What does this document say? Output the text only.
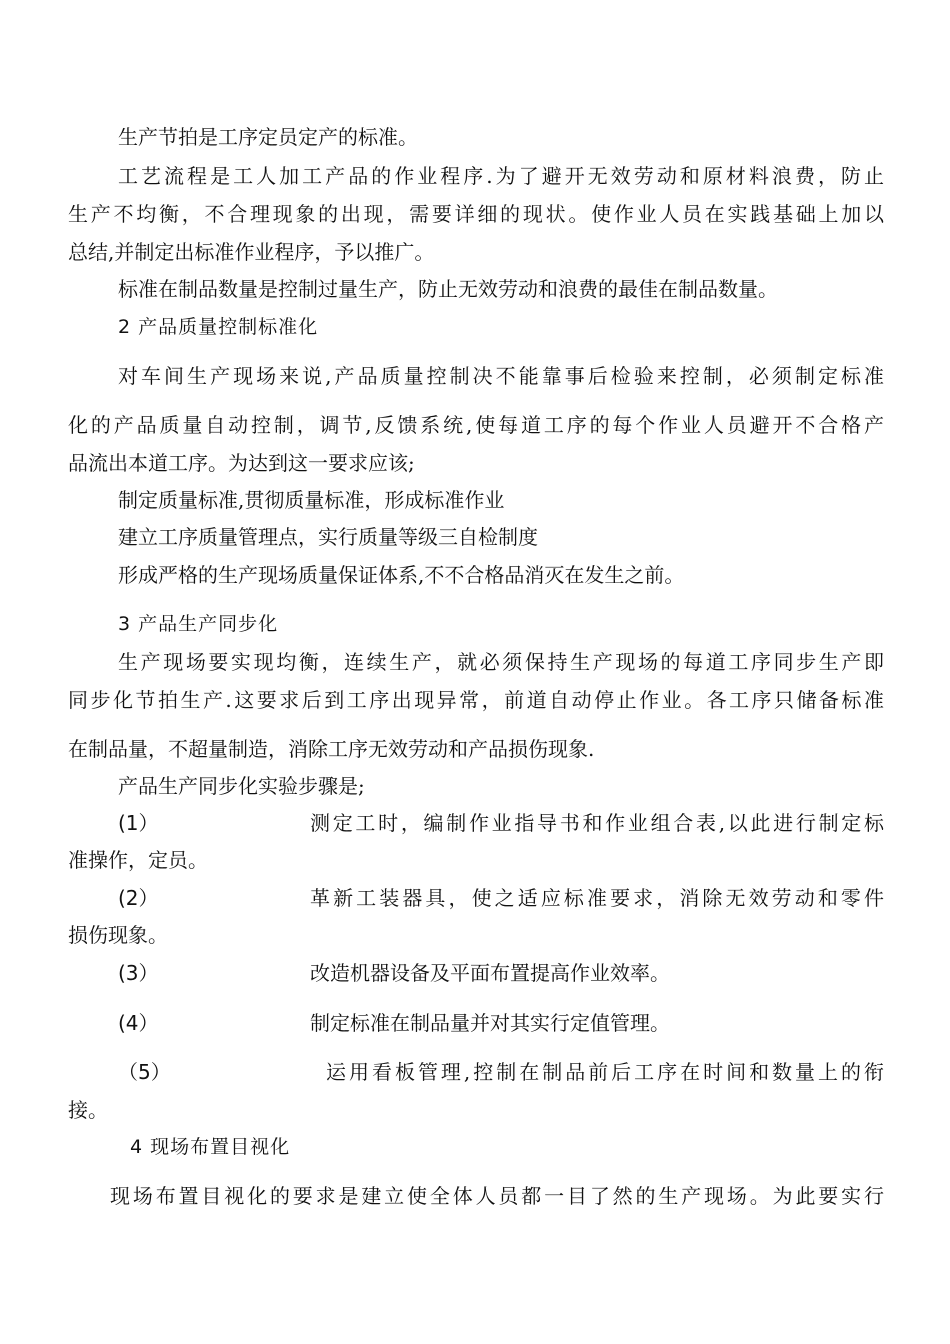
生产节拍是工序定员定产的标准。
工艺流程是工人加工产品的作业程序.为了避开无效劳动和原材料浪费，防止
生产不均衡，不合理现象的出现，需要详细的现状。使作业人员在实践基础上加以
总结,并制定出标准作业程序，予以推广。
标准在制品数量是控制过量生产，防止无效劳动和浪费的最佳在制品数量。
2 产品质量控制标准化
对车间生产现场来说,产品质量控制决不能靠事后检验来控制，必须制定标准
化的产品质量自动控制，调节,反馈系统,使每道工序的每个作业人员避开不合格产
品流出本道工序。为达到这一要求应该;
制定质量标准,贯彻质量标准，形成标准作业
建立工序质量管理点，实行质量等级三自检制度
形成严格的生产现场质量保证体系,不不合格品消灭在发生之前。
3 产品生产同步化
生产现场要实现均衡，连续生产，就必须保持生产现场的每道工序同步生产即
同步化节拍生产.这要求后到工序出现异常，前道自动停止作业。各工序只储备标准
在制品量，不超量制造，消除工序无效劳动和产品损伤现象.
产品生产同步化实验步骤是;
(1）	测定工时，编制作业指导书和作业组合表,以此进行制定标
准操作，定员。
(2）	革新工装器具，使之适应标准要求，消除无效劳动和零件
损伤现象。
(3）	改造机器设备及平面布置提高作业效率。
(4）	制定标准在制品量并对其实行定值管理。
（5）	运用看板管理,控制在制品前后工序在时间和数量上的衔
接。
4 现场布置目视化
现场布置目视化的要求是建立使全体人员都一目了然的生产现场。为此要实行
